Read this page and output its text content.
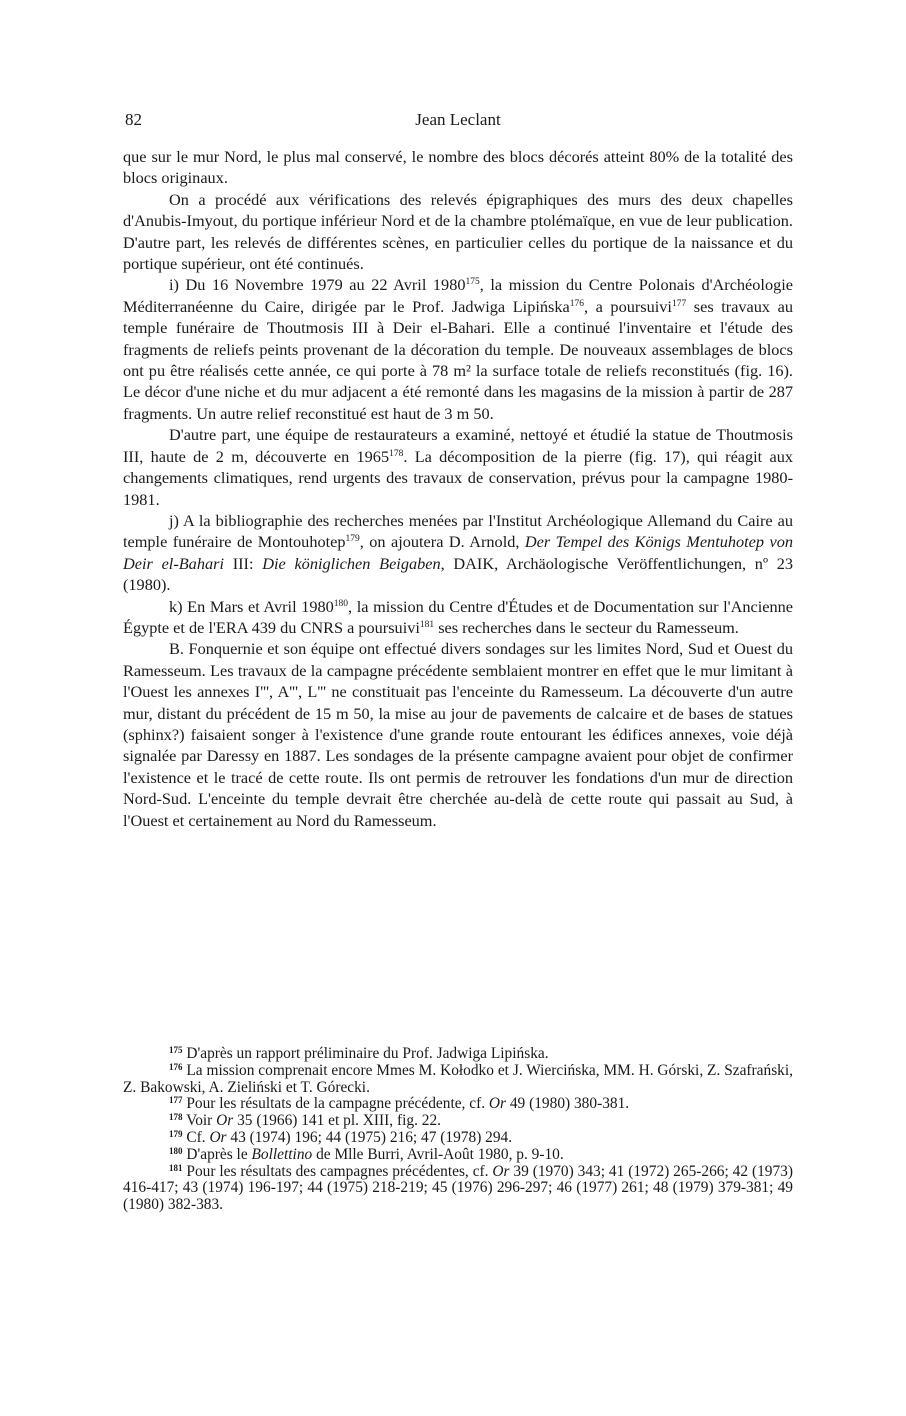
82	Jean Leclant

que sur le mur Nord, le plus mal conservé, le nombre des blocs décorés atteint 80% de la totalité des blocs originaux.

On a procédé aux vérifications des relevés épigraphiques des murs des deux chapelles d'Anubis-Imyout, du portique inférieur Nord et de la chambre ptolémaïque, en vue de leur publication. D'autre part, les relevés de différentes scènes, en particulier celles du portique de la naissance et du portique supérieur, ont été continués.

i) Du 16 Novembre 1979 au 22 Avril 1980$^{175}$, la mission du Centre Polonais d'Archéologie Méditerranéenne du Caire, dirigée par le Prof. Jadwiga Lipińska$^{176}$, a poursuivi$^{177}$ ses travaux au temple funéraire de Thoutmosis III à Deir el-Bahari. Elle a continué l'inventaire et l'étude des fragments de reliefs peints provenant de la décoration du temple. De nouveaux assemblages de blocs ont pu être réalisés cette année, ce qui porte à 78 m² la surface totale de reliefs reconstitués (fig. 16). Le décor d'une niche et du mur adjacent a été remonté dans les magasins de la mission à partir de 287 fragments. Un autre relief reconstitué est haut de 3 m 50.

D'autre part, une équipe de restaurateurs a examiné, nettoyé et étudié la statue de Thoutmosis III, haute de 2 m, découverte en 1965$^{178}$. La décomposition de la pierre (fig. 17), qui réagit aux changements climatiques, rend urgents des travaux de conservation, prévus pour la campagne 1980-1981.

j) A la bibliographie des recherches menées par l'Institut Archéologique Allemand du Caire au temple funéraire de Montouhotep$^{179}$, on ajoutera D. Arnold, Der Tempel des Königs Mentuhotep von Deir el-Bahari III: Die königlichen Beigaben, DAIK, Archäologische Veröffentlichungen, nº 23 (1980).

k) En Mars et Avril 1980$^{180}$, la mission du Centre d'Études et de Documentation sur l'Ancienne Égypte et de l'ERA 439 du CNRS a poursuivi$^{181}$ ses recherches dans le secteur du Ramesseum.

B. Fonquernie et son équipe ont effectué divers sondages sur les limites Nord, Sud et Ouest du Ramesseum. Les travaux de la campagne précédente semblaient montrer en effet que le mur limitant à l'Ouest les annexes I''', A''', L''' ne constituait pas l'enceinte du Ramesseum. La découverte d'un autre mur, distant du précédent de 15 m 50, la mise au jour de pavements de calcaire et de bases de statues (sphinx?) faisaient songer à l'existence d'une grande route entourant les édifices annexes, voie déjà signalée par Daressy en 1887. Les sondages de la présente campagne avaient pour objet de confirmer l'existence et le tracé de cette route. Ils ont permis de retrouver les fondations d'un mur de direction Nord-Sud. L'enceinte du temple devrait être cherchée au-delà de cette route qui passait au Sud, à l'Ouest et certainement au Nord du Ramesseum.

$^{175}$ D'après un rapport préliminaire du Prof. Jadwiga Lipińska.

$^{176}$ La mission comprenait encore Mmes M. Kołodko et J. Wiercińska, MM. H. Górski, Z. Szafrański, Z. Bakowski, A. Zieliński et T. Górecki.

$^{177}$ Pour les résultats de la campagne précédente, cf. Or 49 (1980) 380-381.

$^{178}$ Voir Or 35 (1966) 141 et pl. XIII, fig. 22.

$^{179}$ Cf. Or 43 (1974) 196; 44 (1975) 216; 47 (1978) 294.

$^{180}$ D'après le Bollettino de Mlle Burri, Avril-Août 1980, p. 9-10.

$^{181}$ Pour les résultats des campagnes précédentes, cf. Or 39 (1970) 343; 41 (1972) 265-266; 42 (1973) 416-417; 43 (1974) 196-197; 44 (1975) 218-219; 45 (1976) 296-297; 46 (1977) 261; 48 (1979) 379-381; 49 (1980) 382-383.
